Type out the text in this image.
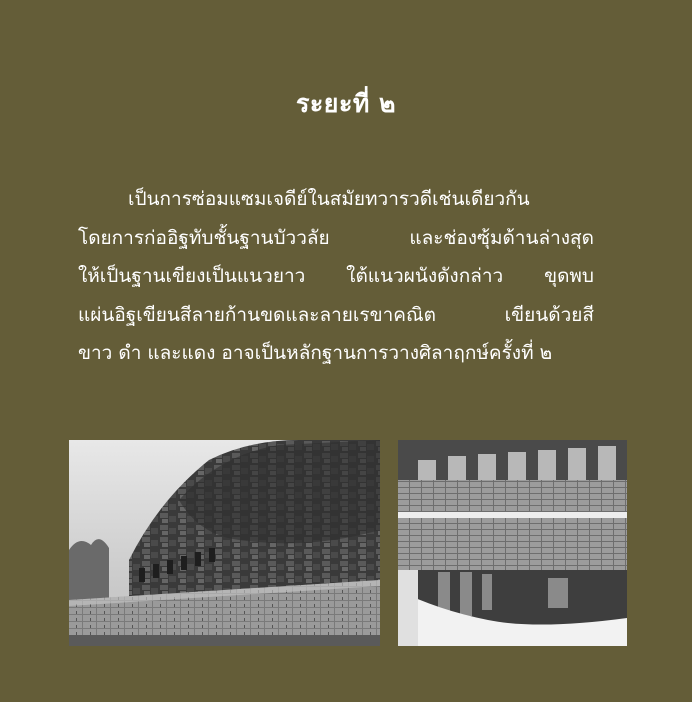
ระยะที่ ๒
เป็นการซ่อมแซมเจดีย์ในสมัยทวารวดีเช่นเดียวกัน
โดยการก่ออิฐทับชั้นฐานบัววลัย และช่องซุ้มด้านล่างสุด
ให้เป็นฐานเขียงเป็นแนวยาว ใต้แนวผนังดังกล่าว ขุดพบ
แผ่นอิฐเขียนสีลายก้านขดและลายเรขาคณิต เขียนด้วยสี
ขาว ดำ และแดง อาจเป็นหลักฐานการวางศิลาฤกษ์ครั้งที่ ๒
